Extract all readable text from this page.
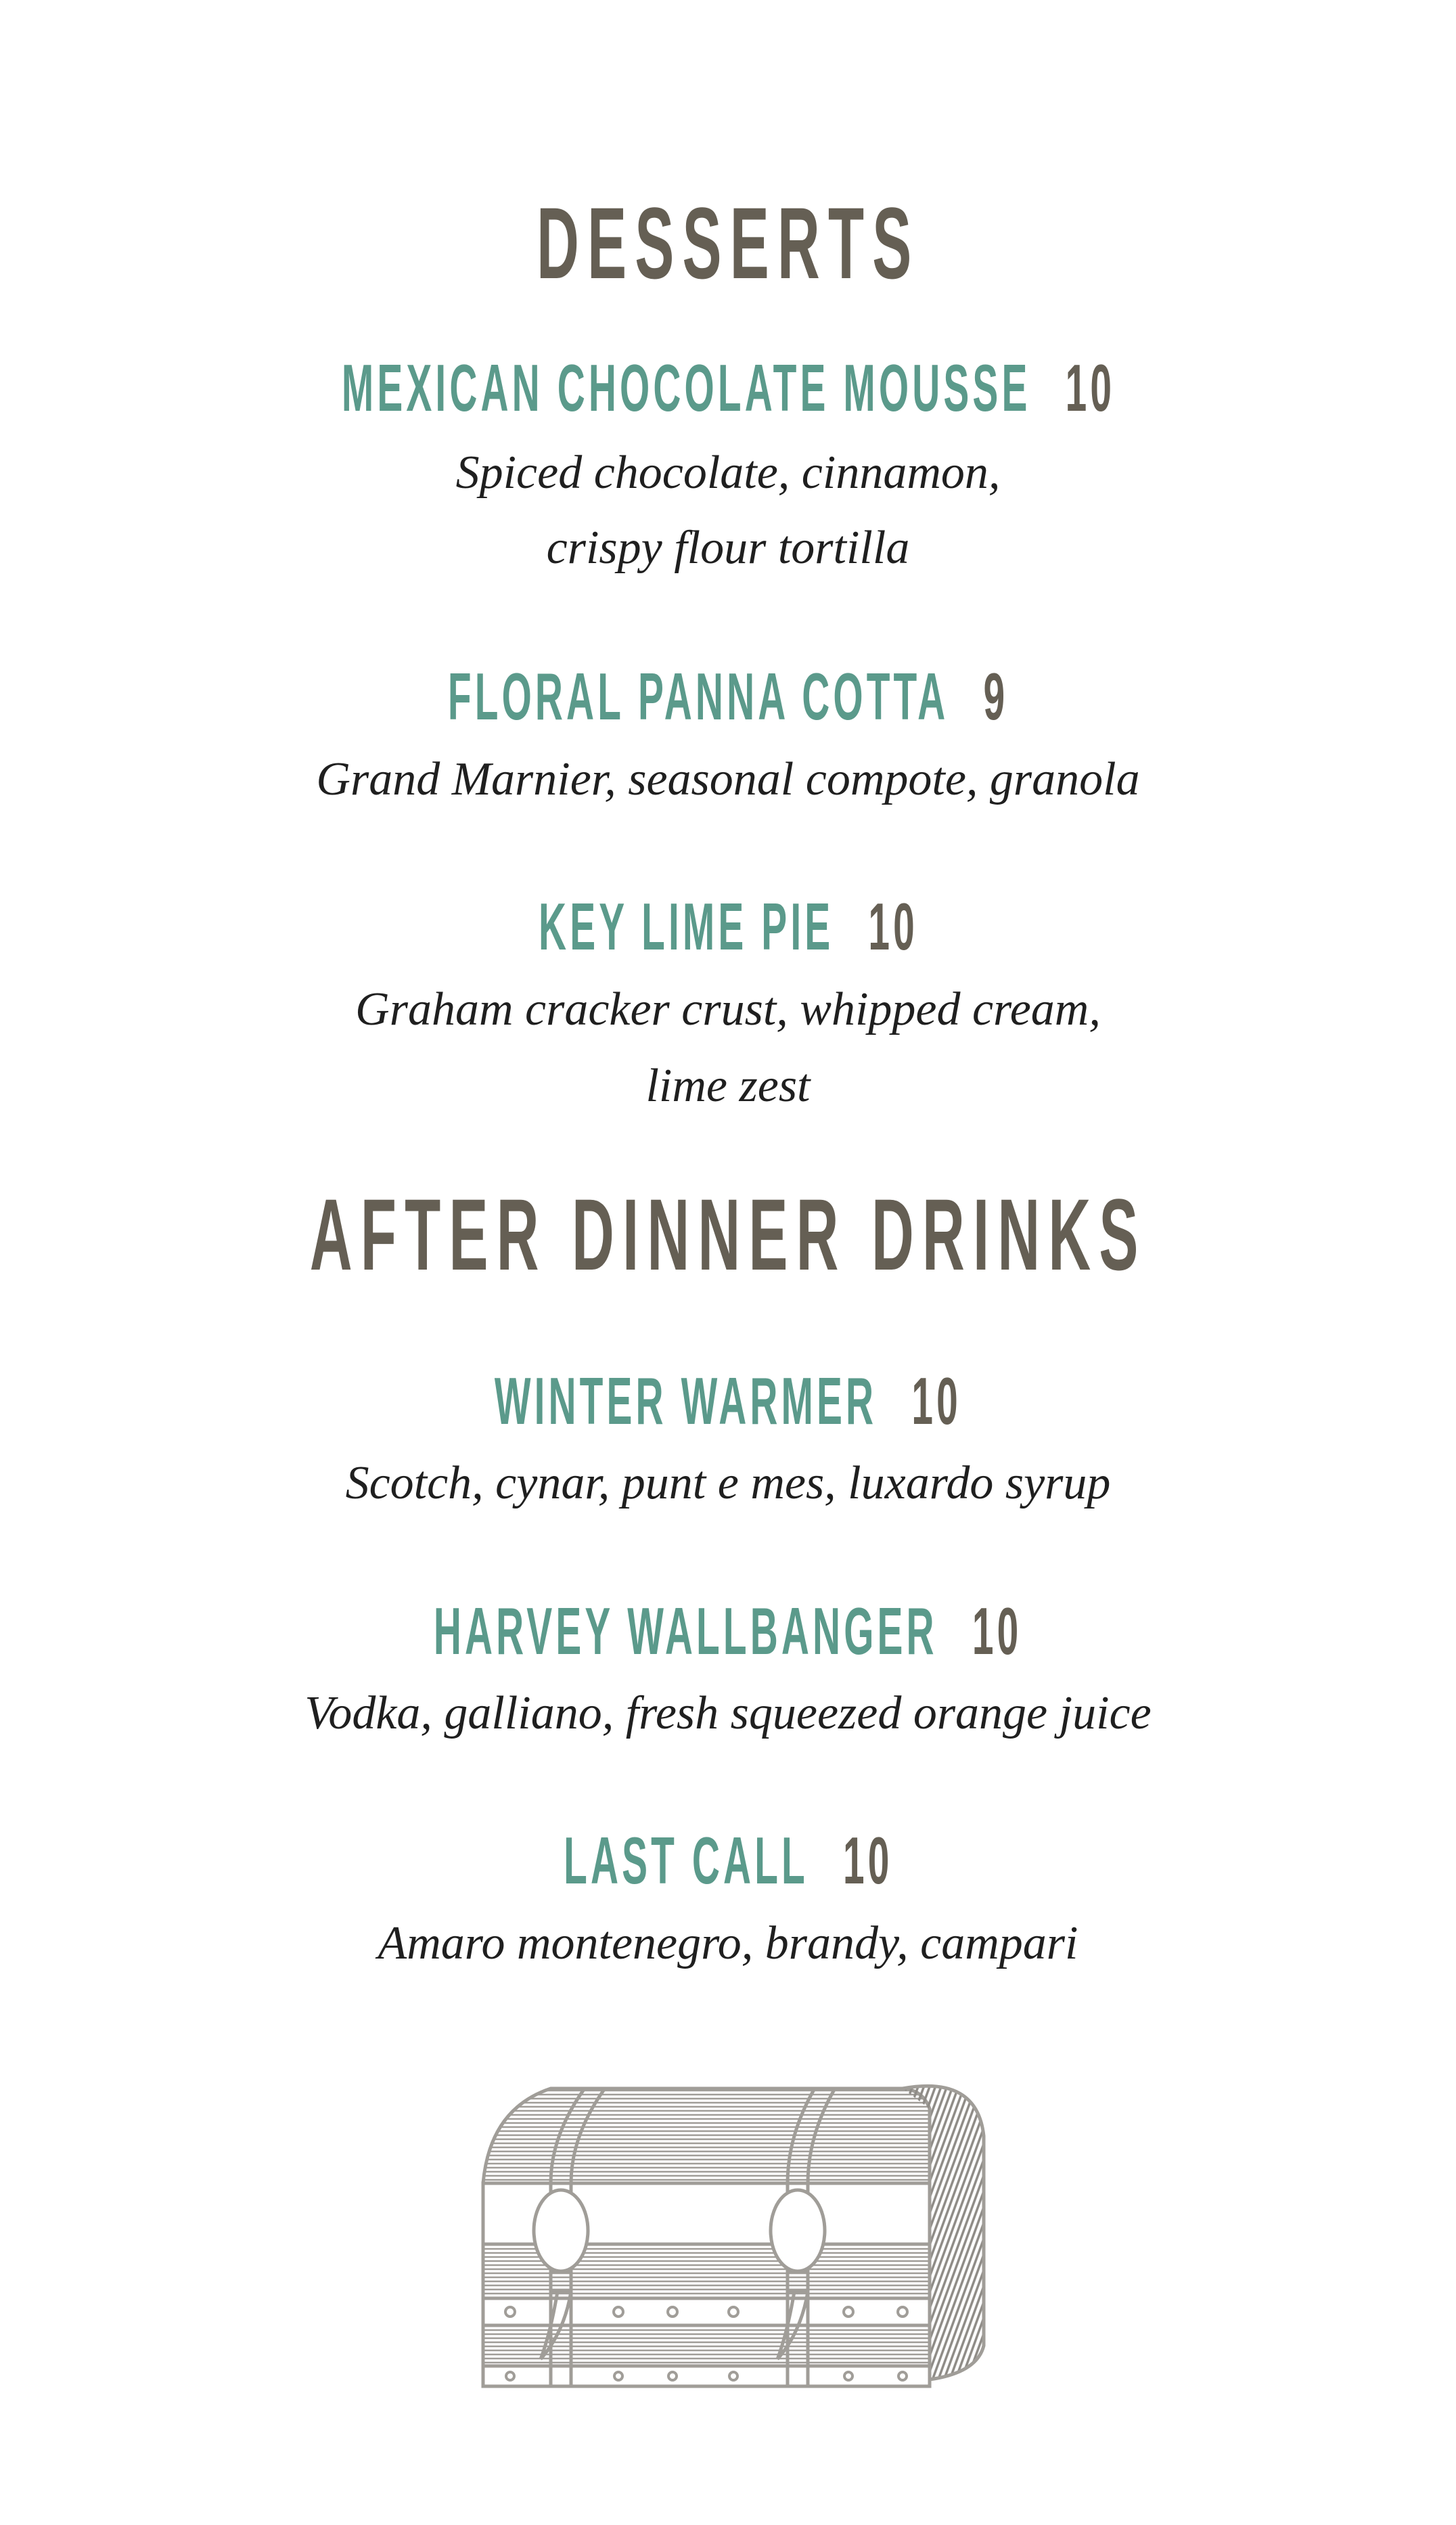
DESSERTS
MEXICAN CHOCOLATE MOUSSE 10
Spiced chocolate, cinnamon,
crispy flour tortilla
FLORAL PANNA COTTA 9
Grand Marnier, seasonal compote, granola
KEY LIME PIE 10
Graham cracker crust, whipped cream,
lime zest
AFTER DINNER DRINKS
WINTER WARMER 10
Scotch, cynar, punt e mes, luxardo syrup
HARVEY WALLBANGER 10
Vodka, galliano, fresh squeezed orange juice
LAST CALL 10
Amaro montenegro, brandy, campari
